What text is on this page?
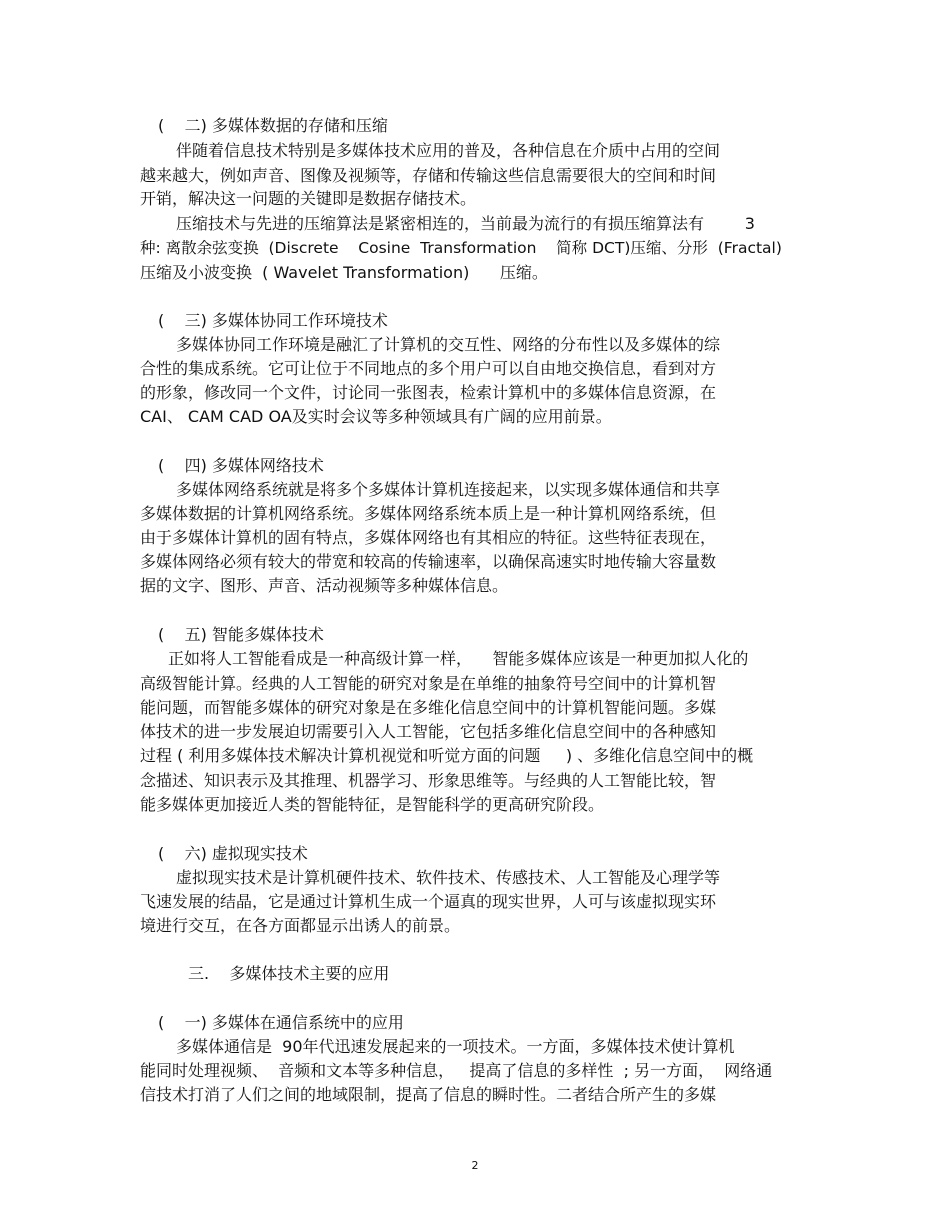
(    二) 多媒体数据的存储和压缩
伴随着信息技术特别是多媒体技术应用的普及，各种信息在介质中占用的空间
越来越大，例如声音、图像及视频等，存储和传输这些信息需要很大的空间和时间
开销，解决这一问题的关键即是数据存储技术。
压缩技术与先进的压缩算法是紧密相连的，当前最为流行的有损压缩算法有        3
种: 离散余弦变换  (Discrete    Cosine  Transformation    简称 DCT)压缩、分形  (Fractal)
压缩及小波变换  ( Wavelet Transformation)      压缩。
(    三) 多媒体协同工作环境技术
多媒体协同工作环境是融汇了计算机的交互性、网络的分布性以及多媒体的综
合性的集成系统。它可让位于不同地点的多个用户可以自由地交换信息，看到对方
的形象，修改同一个文件，讨论同一张图表，检索计算机中的多媒体信息资源，在
CAI、 CAM CAD OA及实时会议等多种领域具有广阔的应用前景。
(    四) 多媒体网络技术
多媒体网络系统就是将多个多媒体计算机连接起来，以实现多媒体通信和共享
多媒体数据的计算机网络系统。多媒体网络系统本质上是一种计算机网络系统，但
由于多媒体计算机的固有特点，多媒体网络也有其相应的特征。这些特征表现在，
多媒体网络必须有较大的带宽和较高的传输速率，以确保高速实时地传输大容量数
据的文字、图形、声音、活动视频等多种媒体信息。
(    五) 智能多媒体技术
正如将人工智能看成是一种高级计算一样，    智能多媒体应该是一种更加拟人化的
高级智能计算。经典的人工智能的研究对象是在单维的抽象符号空间中的计算机智
能问题，而智能多媒体的研究对象是在多维化信息空间中的计算机智能问题。多媒
体技术的进一步发展迫切需要引入人工智能，它包括多维化信息空间中的各种感知
过程 ( 利用多媒体技术解决计算机视觉和听觉方面的问题     ) 、多维化信息空间中的概
念描述、知识表示及其推理、机器学习、形象思维等。与经典的人工智能比较，智
能多媒体更加接近人类的智能特征，是智能科学的更高研究阶段。
(    六) 虚拟现实技术
虚拟现实技术是计算机硬件技术、软件技术、传感技术、人工智能及心理学等
飞速发展的结晶，它是通过计算机生成一个逼真的现实世界，人可与该虚拟现实环
境进行交互，在各方面都显示出诱人的前景。
三.    多媒体技术主要的应用
(    一) 多媒体在通信系统中的应用
多媒体通信是  90年代迅速发展起来的一项技术。一方面，多媒体技术使计算机
能同时处理视频、  音频和文本等多种信息，   提高了信息的多样性  ; 另一方面，  网络通
信技术打消了人们之间的地域限制，提高了信息的瞬时性。二者结合所产生的多媒
2
